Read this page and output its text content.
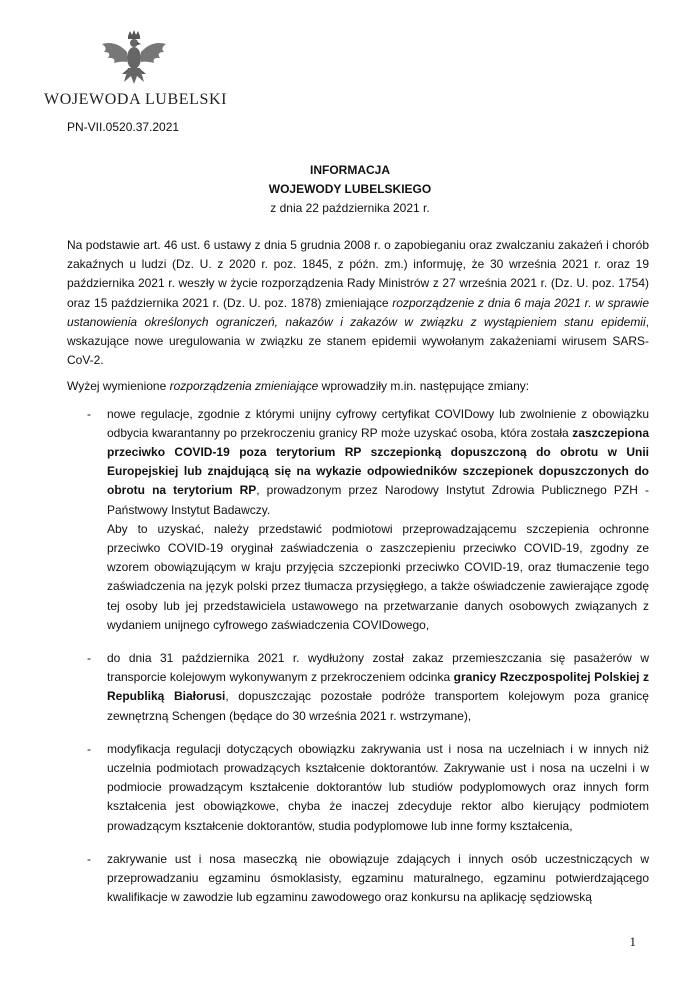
WOJEWODA LUBELSKI
PN-VII.0520.37.2021
INFORMACJA
WOJEWODY LUBELSKIEGO
z dnia 22 października 2021 r.

Na podstawie art. 46 ust. 6 ustawy z dnia 5 grudnia 2008 r. o zapobieganiu oraz zwalczaniu zakażeń i chorób zakaźnych u ludzi (Dz. U. z 2020 r. poz. 1845, z późn. zm.) informuję, że 30 września 2021 r. oraz 19 października 2021 r. weszły w życie rozporządzenia Rady Ministrów z 27 września 2021 r. (Dz. U. poz. 1754) oraz 15 października 2021 r. (Dz. U. poz. 1878) zmieniające rozporządzenie z dnia 6 maja 2021 r. w sprawie ustanowienia określonych ograniczeń, nakazów i zakazów w związku z wystąpieniem stanu epidemii, wskazujące nowe uregulowania w związku ze stanem epidemii wywołanym zakażeniami wirusem SARS-CoV-2.

Wyżej wymienione rozporządzenia zmieniające wprowadziły m.in. następujące zmiany:

- nowe regulacje, zgodnie z którymi unijny cyfrowy certyfikat COVIDowy lub zwolnienie z obowiązku odbycia kwarantanny po przekroczeniu granicy RP może uzyskać osoba, która została zaszczepiona przeciwko COVID-19 poza terytorium RP szczepionką dopuszczoną do obrotu w Unii Europejskiej lub znajdującą się na wykazie odpowiedników szczepionek dopuszczonych do obrotu na terytorium RP, prowadzonym przez Narodowy Instytut Zdrowia Publicznego PZH - Państwowy Instytut Badawczy.

Aby to uzyskać, należy przedstawić podmiotowi przeprowadzającemu szczepienia ochronne przeciwko COVID-19 oryginał zaświadczenia o zaszczepieniu przeciwko COVID-19, zgodny ze wzorem obowiązującym w kraju przyjęcia szczepionki przeciwko COVID-19, oraz tłumaczenie tego zaświadczenia na język polski przez tłumacza przysięgłego, a także oświadczenie zawierające zgodę tej osoby lub jej przedstawiciela ustawowego na przetwarzanie danych osobowych związanych z wydaniem unijnego cyfrowego zaświadczenia COVIDowego,

- do dnia 31 października 2021 r. wydłużony został zakaz przemieszczania się pasażerów w transporcie kolejowym wykonywanym z przekroczeniem odcinka granicy Rzeczpospolitej Polskiej z Republiką Białorusi, dopuszczając pozostałe podróże transportem kolejowym poza granicę zewnętrzną Schengen (będące do 30 września 2021 r. wstrzymane),

- modyfikacja regulacji dotyczących obowiązku zakrywania ust i nosa na uczelniach i w innych niż uczelnia podmiotach prowadzących kształcenie doktorantów. Zakrywanie ust i nosa na uczelni i w podmiocie prowadzącym kształcenie doktorantów lub studiów podyplomowych oraz innych form kształcenia jest obowiązkowe, chyba że inaczej zdecyduje rektor albo kierujący podmiotem prowadzącym kształcenie doktorantów, studia podyplomowe lub inne formy kształcenia,

- zakrywanie ust i nosa maseczką nie obowiązuje zdających i innych osób uczestniczących w przeprowadzaniu egzaminu ósmoklasisty, egzaminu maturalnego, egzaminu potwierdzającego kwalifikacje w zawodzie lub egzaminu zawodowego oraz konkursu na aplikację sędziowską

1
